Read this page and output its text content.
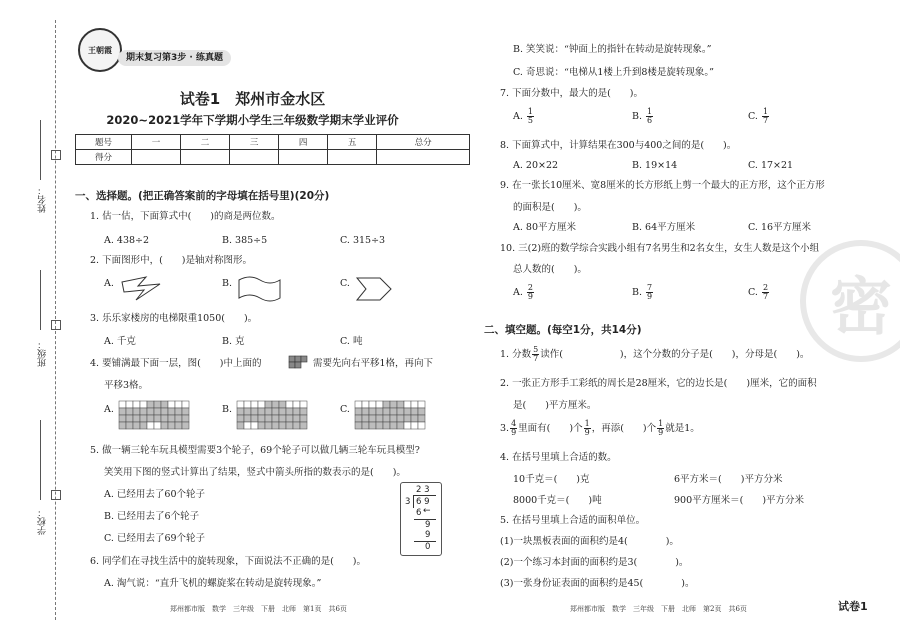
姓名：
班级：
学校：
王朝霞
期末复习第3步 · 练真题
试卷1　郑州市金水区
2020~2021学年下学期小学生三年级数学期末学业评价
题号	一	二	三	四	五	总分
得分						
一、选择题。(把正确答案前的字母填在括号里)(20分)
1. 估一估，下面算式中(　　)的商是两位数。
A. 438÷2	B. 385÷5	C. 315÷3
2. 下面图形中，(　　)是轴对称图形。
A.	B.	C.
3. 乐乐家楼房的电梯限重1050(　　)。
A. 千克	B. 克	C. 吨
4. 要铺满最下面一层，图(　　)中上面的	需要先向右平移1格，再向下
平移3格。
A.	B.	C.
5. 做一辆三轮车玩具模型需要3个轮子，69个轮子可以做几辆三轮车玩具模型?
笑笑用下图的竖式计算出了结果，竖式中箭头所指的数表示的是(　　)。
A. 已经用去了60个轮子
B. 已经用去了6个轮子
C. 已经用去了69个轮子
2 3
3 6 9
6 ←
9
9
0
6. 同学们在寻找生活中的旋转现象，下面说法不正确的是(　　)。
A. 淘气说：“直升飞机的螺旋桨在转动是旋转现象。”
郑州都市版　数学　三年级　下册　北师　第1页　共6页
密
B. 笑笑说：“钟面上的指针在转动是旋转现象。”
C. 奇思说：“电梯从1楼上升到8楼是旋转现象。”
7. 下面分数中，最大的是(　　)。
A. $\frac{1}{5}$	B. $\frac{1}{6}$	C. $\frac{1}{7}$
8. 下面算式中，计算结果在300与400之间的是(　　)。
A. 20×22	B. 19×14	C. 17×21
9. 在一张长10厘米、宽8厘米的长方形纸上剪一个最大的正方形，这个正方形
的面积是(　　)。
A. 80平方厘米	B. 64平方厘米	C. 16平方厘米
10. 三(2)班的数学综合实践小组有7名男生和2名女生，女生人数是这个小组
总人数的(　　)。
A. $\frac{2}{9}$	B. $\frac{7}{9}$	C. $\frac{2}{7}$
二、填空题。(每空1分，共14分)
1. 分数 $\frac{5}{7}$ 读作(　　　　　　)，这个分数的分子是(　　)，分母是(　　)。
2. 一张正方形手工彩纸的周长是28厘米，它的边长是(　　)厘米，它的面积
是(　　)平方厘米。
3. $\frac{4}{9}$ 里面有(　　)个 $\frac{1}{9}$ ，再添(　　)个 $\frac{1}{9}$ 就是1。
4. 在括号里填上合适的数。
10千克＝(　　)克	6平方米＝(　　)平方分米
8000千克＝(　　)吨	900平方厘米＝(　　)平方分米
5. 在括号里填上合适的面积单位。
(1)一块黑板表面的面积约是4(　　　　)。
(2)一个练习本封面的面积约是3(　　　　)。
(3)一张身份证表面的面积约是45(　　　　)。
郑州都市版　数学　三年级　下册　北师　第2页　共6页	试卷1
